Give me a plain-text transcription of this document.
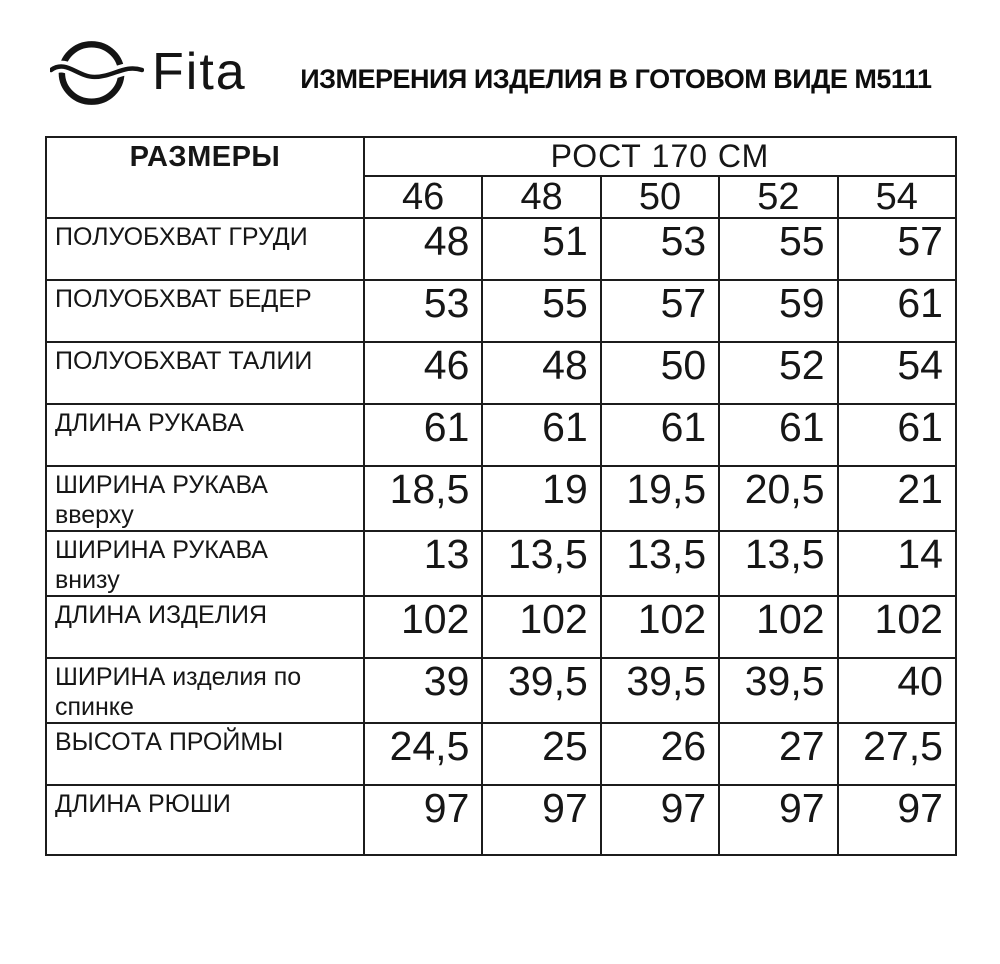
Fita	ИЗМЕРЕНИЯ ИЗДЕЛИЯ В ГОТОВОМ ВИДЕ М5111
РАЗМЕРЫ	РОСТ 170 СМ				
	46	48	50	52	54

ПОЛУОБХВАТ ГРУДИ	48	51	53	55	57

ПОЛУОБХВАТ БЕДЕР	53	55	57	59	61

ПОЛУОБХВАТ ТАЛИИ	46	48	50	52	54

ДЛИНА РУКАВА	61	61	61	61	61

ШИРИНА РУКАВА
вверху	18,5	19	19,5	20,5	21

ШИРИНА РУКАВА
внизу	13	13,5	13,5	13,5	14

ДЛИНА ИЗДЕЛИЯ	102	102	102	102	102

ШИРИНА изделия по
спинке	39	39,5	39,5	39,5	40

ВЫСОТА ПРОЙМЫ	24,5	25	26	27	27,5

ДЛИНА РЮШИ	97	97	97	97	97
